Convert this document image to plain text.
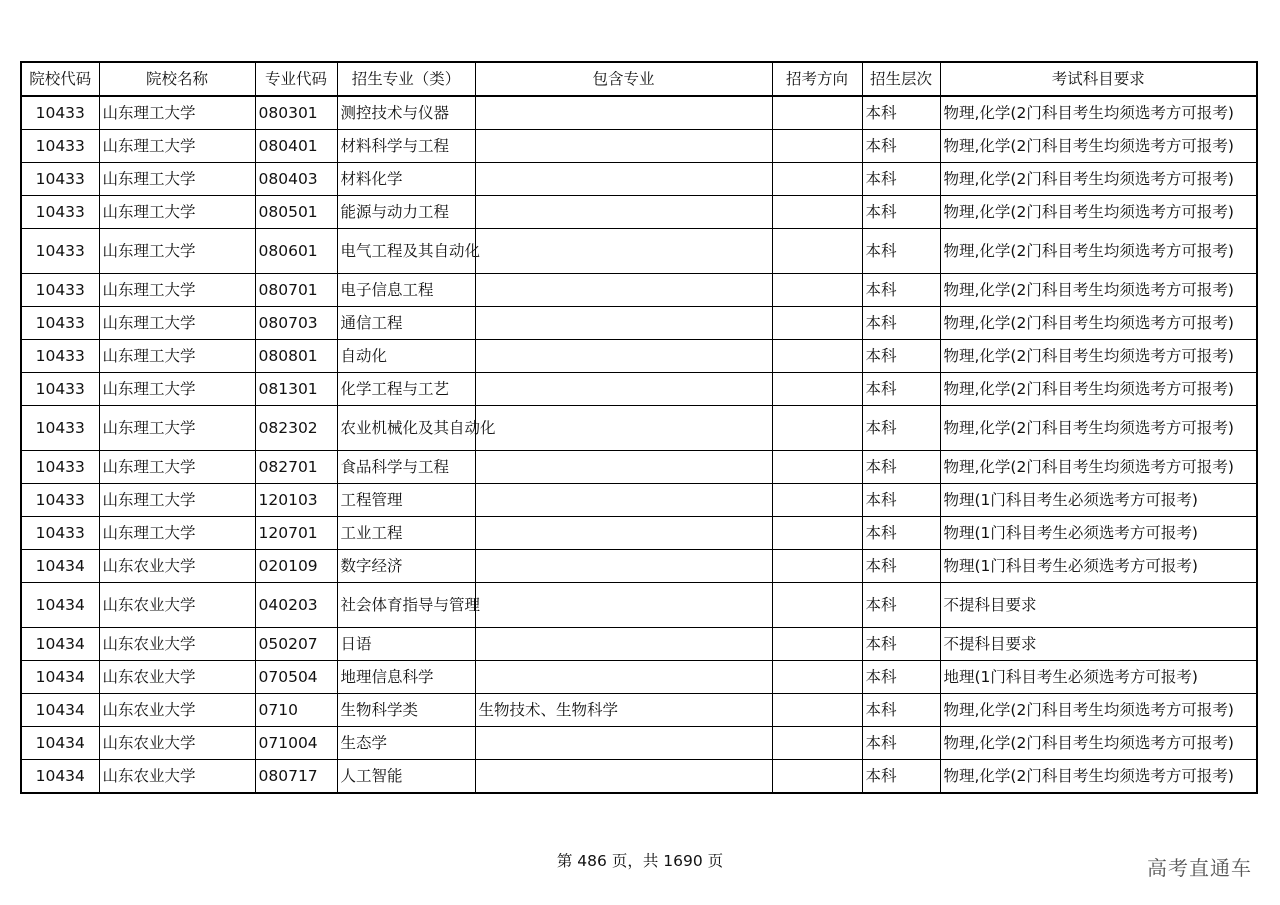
院校代码	院校名称	专业代码	招生专业（类）	包含专业	招考方向	招生层次	考试科目要求
10433	山东理工大学	080301	测控技术与仪器			本科	物理,化学(2门科目考生均须选考方可报考)
10433	山东理工大学	080401	材料科学与工程			本科	物理,化学(2门科目考生均须选考方可报考)
10433	山东理工大学	080403	材料化学			本科	物理,化学(2门科目考生均须选考方可报考)
10433	山东理工大学	080501	能源与动力工程			本科	物理,化学(2门科目考生均须选考方可报考)
10433	山东理工大学	080601	电气工程及其自动化			本科	物理,化学(2门科目考生均须选考方可报考)
10433	山东理工大学	080701	电子信息工程			本科	物理,化学(2门科目考生均须选考方可报考)
10433	山东理工大学	080703	通信工程			本科	物理,化学(2门科目考生均须选考方可报考)
10433	山东理工大学	080801	自动化			本科	物理,化学(2门科目考生均须选考方可报考)
10433	山东理工大学	081301	化学工程与工艺			本科	物理,化学(2门科目考生均须选考方可报考)
10433	山东理工大学	082302	农业机械化及其自动化			本科	物理,化学(2门科目考生均须选考方可报考)
10433	山东理工大学	082701	食品科学与工程			本科	物理,化学(2门科目考生均须选考方可报考)
10433	山东理工大学	120103	工程管理			本科	物理(1门科目考生必须选考方可报考)
10433	山东理工大学	120701	工业工程			本科	物理(1门科目考生必须选考方可报考)
10434	山东农业大学	020109	数字经济			本科	物理(1门科目考生必须选考方可报考)
10434	山东农业大学	040203	社会体育指导与管理			本科	不提科目要求
10434	山东农业大学	050207	日语			本科	不提科目要求
10434	山东农业大学	070504	地理信息科学			本科	地理(1门科目考生必须选考方可报考)
10434	山东农业大学	0710	生物科学类	生物技术、生物科学		本科	物理,化学(2门科目考生均须选考方可报考)
10434	山东农业大学	071004	生态学			本科	物理,化学(2门科目考生均须选考方可报考)
10434	山东农业大学	080717	人工智能			本科	物理,化学(2门科目考生均须选考方可报考)
第 486 页，共 1690 页	高考直通车
